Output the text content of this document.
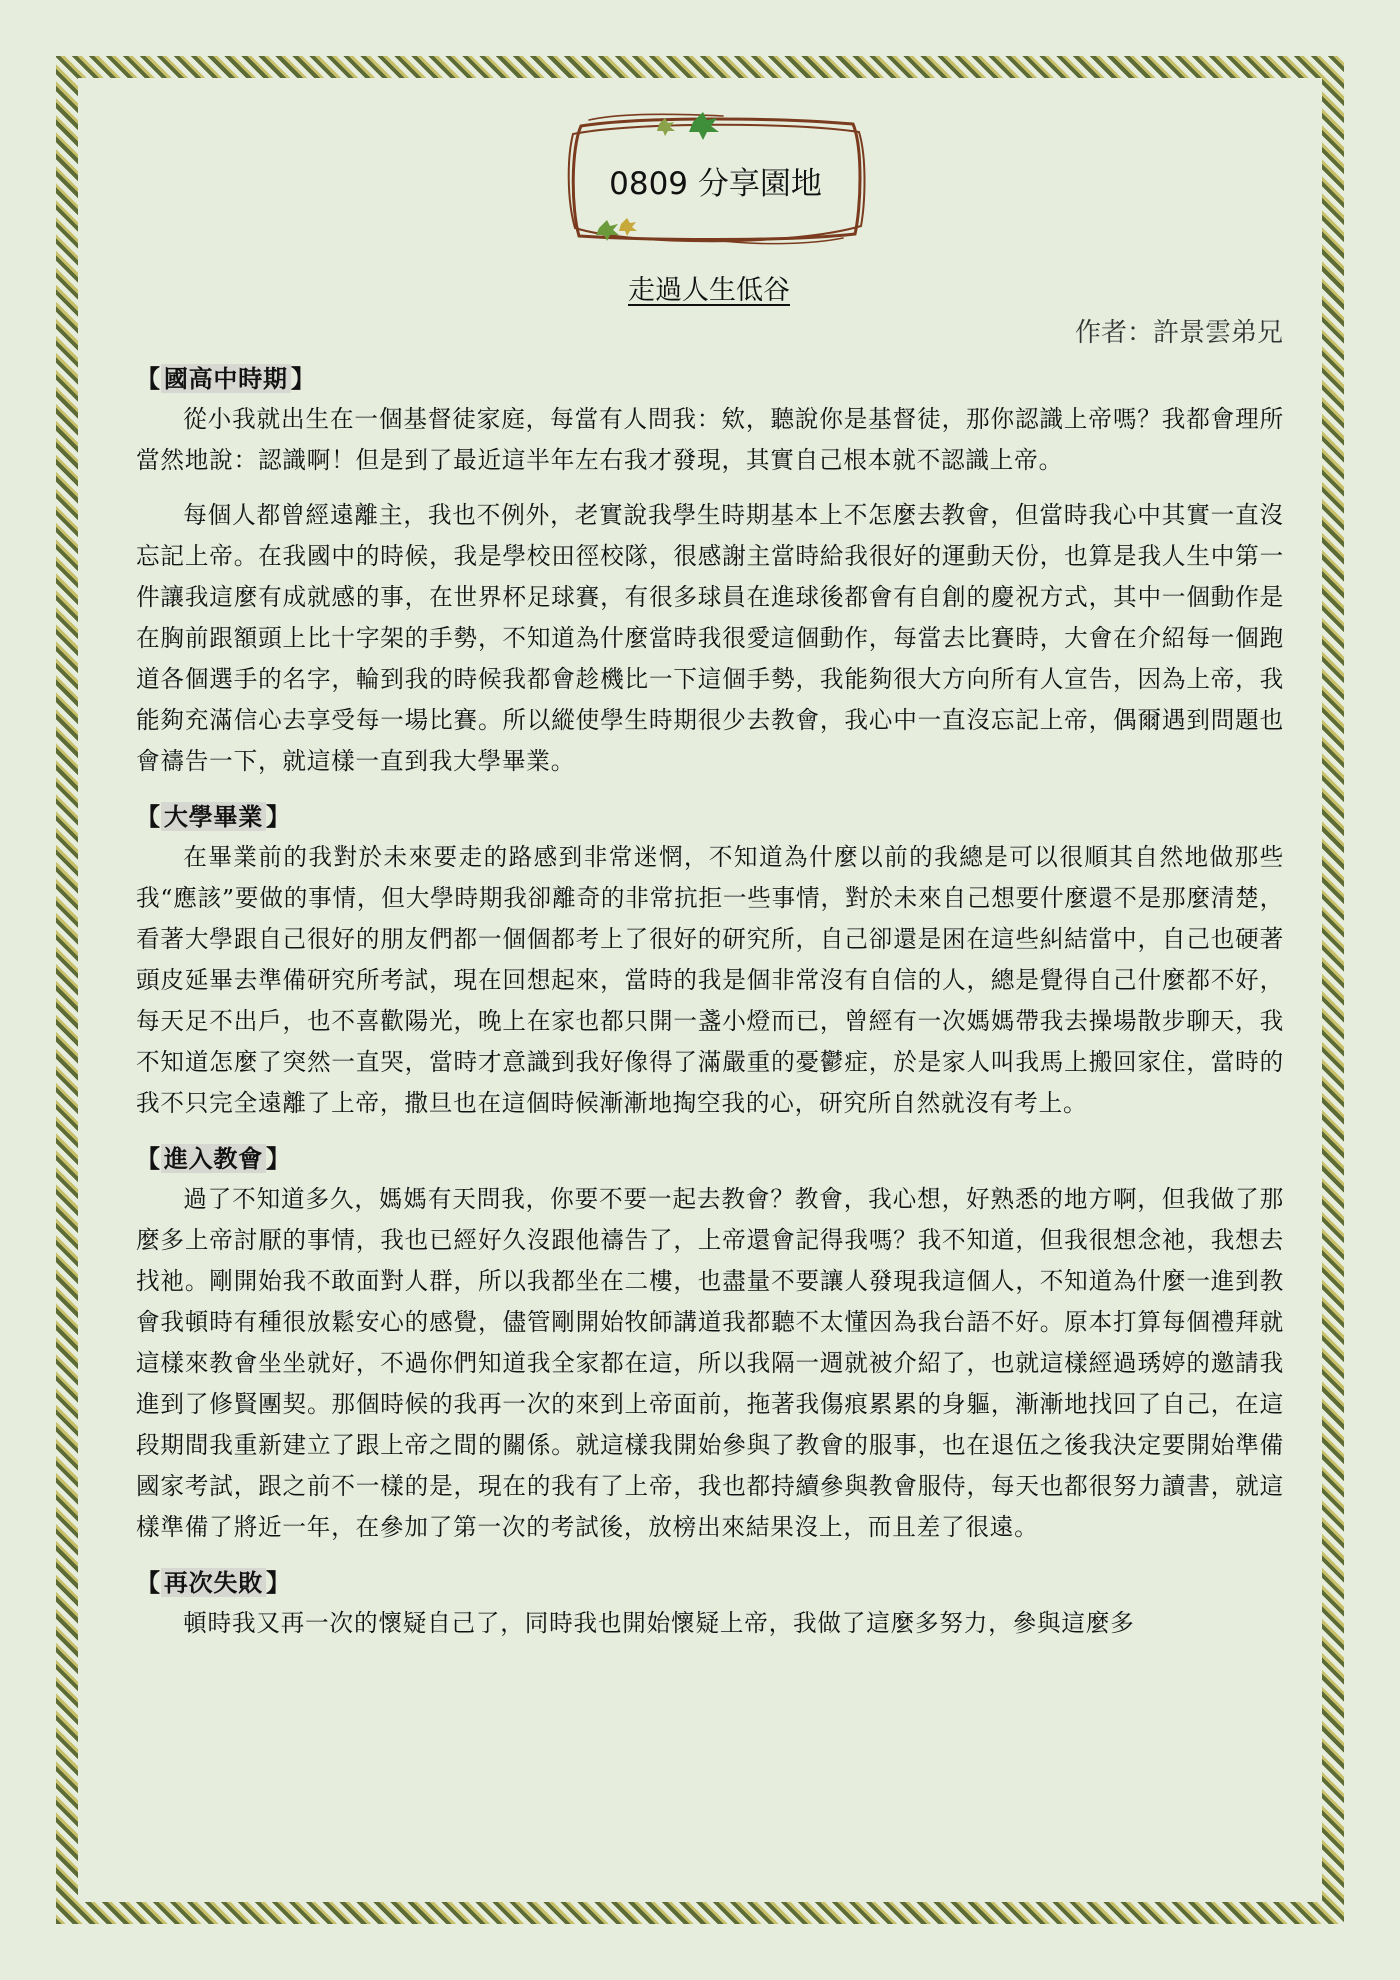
0809 分享園地
走過人生低谷
作者：許景雲弟兄
【 國高中時期 】

從小我就出生在一個基督徒家庭，每當有人問我：欸，聽說你是基督徒，那你認識上帝嗎？我都會理所當然地說：認識啊！但是到了最近這半年左右我才發現，其實自己根本就不認識上帝。

每個人都曾經遠離主，我也不例外，老實說我學生時期基本上不怎麼去教會，但當時我心中其實一直沒忘記上帝。在我國中的時候，我是學校田徑校隊，很感謝主當時給我很好的運動天份，也算是我人生中第一件讓我這麼有成就感的事，在世界杯足球賽，有很多球員在進球後都會有自創的慶祝方式，其中一個動作是在胸前跟額頭上比十字架的手勢，不知道為什麼當時我很愛這個動作，每當去比賽時，大會在介紹每一個跑道各個選手的名字，輪到我的時候我都會趁機比一下這個手勢，我能夠很大方向所有人宣告，因為上帝，我能夠充滿信心去享受每一場比賽。所以縱使學生時期很少去教會，我心中一直沒忘記上帝，偶爾遇到問題也會禱告一下，就這樣一直到我大學畢業。

【 大學畢業 】

在畢業前的我對於未來要走的路感到非常迷惘，不知道為什麼以前的我總是可以很順其自然地做那些我“應該”要做的事情，但大學時期我卻離奇的非常抗拒一些事情，對於未來自己想要什麼還不是那麼清楚，看著大學跟自己很好的朋友們都一個個都考上了很好的研究所，自己卻還是困在這些糾結當中，自己也硬著頭皮延畢去準備研究所考試，現在回想起來，當時的我是個非常沒有自信的人，總是覺得自己什麼都不好，每天足不出戶，也不喜歡陽光，晚上在家也都只開一盞小燈而已，曾經有一次媽媽帶我去操場散步聊天，我不知道怎麼了突然一直哭，當時才意識到我好像得了滿嚴重的憂鬱症，於是家人叫我馬上搬回家住，當時的我不只完全遠離了上帝，撒旦也在這個時候漸漸地掏空我的心，研究所自然就沒有考上。

【 進入教會 】

過了不知道多久，媽媽有天問我，你要不要一起去教會？教會，我心想，好熟悉的地方啊，但我做了那麼多上帝討厭的事情，我也已經好久沒跟他禱告了，上帝還會記得我嗎？我不知道，但我很想念祂，我想去找祂。剛開始我不敢面對人群，所以我都坐在二樓，也盡量不要讓人發現我這個人，不知道為什麼一進到教會我頓時有種很放鬆安心的感覺，儘管剛開始牧師講道我都聽不太懂因為我台語不好。原本打算每個禮拜就這樣來教會坐坐就好，不過你們知道我全家都在這，所以我隔一週就被介紹了，也就這樣經過琇婷的邀請我進到了修賢團契。那個時候的我再一次的來到上帝面前，拖著我傷痕累累的身軀，漸漸地找回了自己，在這段期間我重新建立了跟上帝之間的關係。就這樣我開始參與了教會的服事，也在退伍之後我決定要開始準備國家考試，跟之前不一樣的是，現在的我有了上帝，我也都持續參與教會服侍，每天也都很努力讀書，就這樣準備了將近一年，在參加了第一次的考試後，放榜出來結果沒上，而且差了很遠。

【 再次失敗 】

頓時我又再一次的懷疑自己了，同時我也開始懷疑上帝，我做了這麼多努力，參與這麼多
